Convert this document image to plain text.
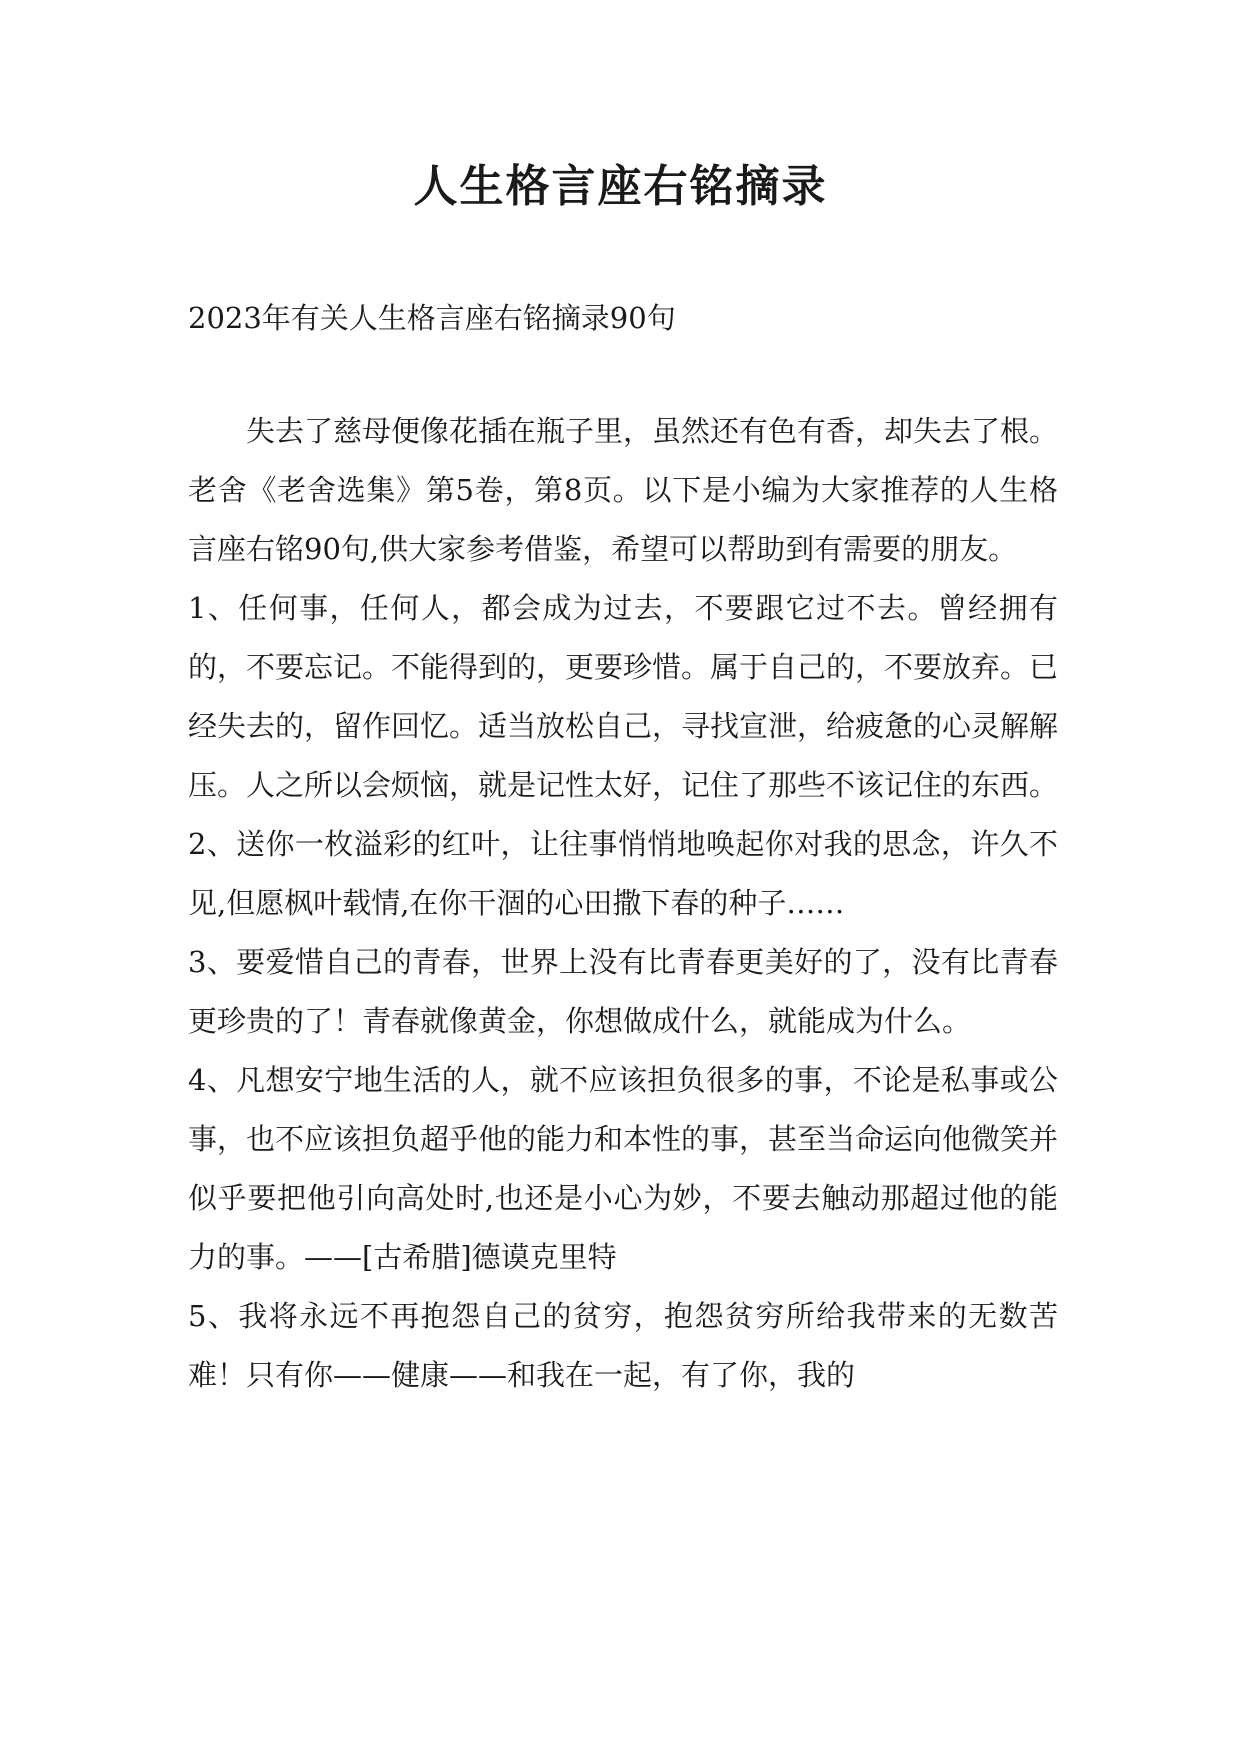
人生格言座右铭摘录

2023年有关人生格言座右铭摘录90句

失去了慈母便像花插在瓶子里，虽然还有色有香，却失去了根。老舍《老舍选集》第5卷，第8页。以下是小编为大家推荐的人生格言座右铭90句,供大家参考借鉴，希望可以帮助到有需要的朋友。

1、任何事，任何人，都会成为过去，不要跟它过不去。曾经拥有的，不要忘记。不能得到的，更要珍惜。属于自己的，不要放弃。已经失去的，留作回忆。适当放松自己，寻找宣泄，给疲惫的心灵解解压。人之所以会烦恼，就是记性太好，记住了那些不该记住的东西。

2、送你一枚溢彩的红叶，让往事悄悄地唤起你对我的思念，许久不见,但愿枫叶载情,在你干涸的心田撒下春的种子……

3、要爱惜自己的青春，世界上没有比青春更美好的了，没有比青春更珍贵的了！青春就像黄金，你想做成什么，就能成为什么。

4、凡想安宁地生活的人，就不应该担负很多的事，不论是私事或公事，也不应该担负超乎他的能力和本性的事，甚至当命运向他微笑并似乎要把他引向高处时,也还是小心为妙，不要去触动那超过他的能力的事。——[古希腊]德谟克里特

5、我将永远不再抱怨自己的贫穷，抱怨贫穷所给我带来的无数苦难！只有你——健康——和我在一起，有了你，我的
